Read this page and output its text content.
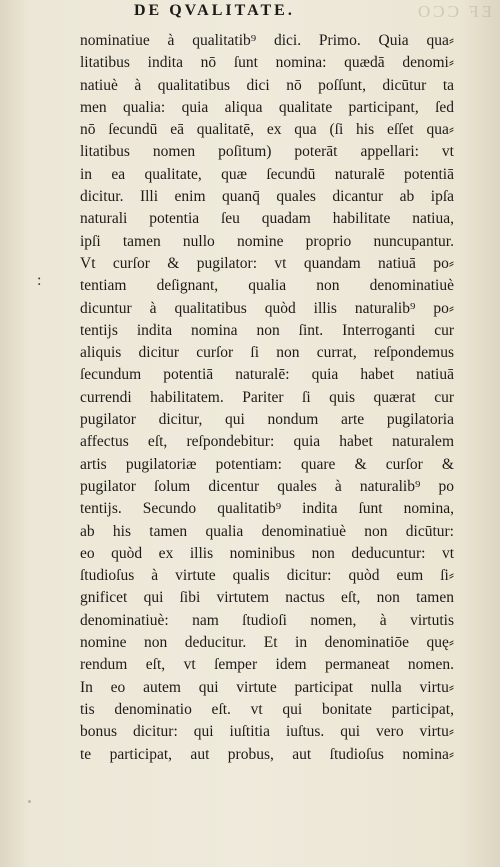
EF CCO
DE QVALITATE.
:
nominatiue à qualitatib⁹ dici. Primo. Quia qua⸗
litatibus indita nō ſunt nomina: quædā denomi⸗
natiuè à qualitatibus dici nō poſſunt, dicūtur ta
men qualia: quia aliqua qualitate participant, ſed
nō ſecundū eā qualitatē, ex qua (ſi his eſſet qua⸗
litatibus nomen poſitum) poterāt appellari: vt
in ea qualitate, quæ ſecundū naturalē potentiā
dicitur. Illi enim quanq̄ quales dicantur ab ipſa
naturali potentia ſeu quadam habilitate natiua,
ipſi tamen nullo nomine proprio nuncupantur.
Vt curſor & pugilator: vt quandam natiuā po⸗
tentiam deſignant, qualia non denominatiuè
dicuntur à qualitatibus quòd illis naturalib⁹ po⸗
tentijs indita nomina non ſint. Interroganti cur
aliquis dicitur curſor ſi non currat, reſpondemus
ſecundum potentiā naturalē: quia habet natiuā
currendi habilitatem. Pariter ſi quis quærat cur
pugilator dicitur, qui nondum arte pugilatoria
affectus eſt, reſpondebitur: quia habet naturalem
artis pugilatoriæ potentiam: quare & curſor &
pugilator ſolum dicentur quales à naturalib⁹ po
tentijs. Secundo qualitatib⁹ indita ſunt nomina,
ab his tamen qualia denominatiuè non dicūtur:
eo quòd ex illis nominibus non deducuntur: vt
ſtudioſus à virtute qualis dicitur: quòd eum ſi⸗
gnificet qui ſibi virtutem nactus eſt, non tamen
denominatiuè: nam ſtudioſi nomen, à virtutis
nomine non deducitur. Et in denominatiōe quę⸗
rendum eſt, vt ſemper idem permaneat nomen.
In eo autem qui virtute participat nulla virtu⸗
tis denominatio eſt. vt qui bonitate participat,
bonus dicitur: qui iuſtitia iuſtus. qui vero virtu⸗
te participat, aut probus, aut ſtudioſus nomina⸗
